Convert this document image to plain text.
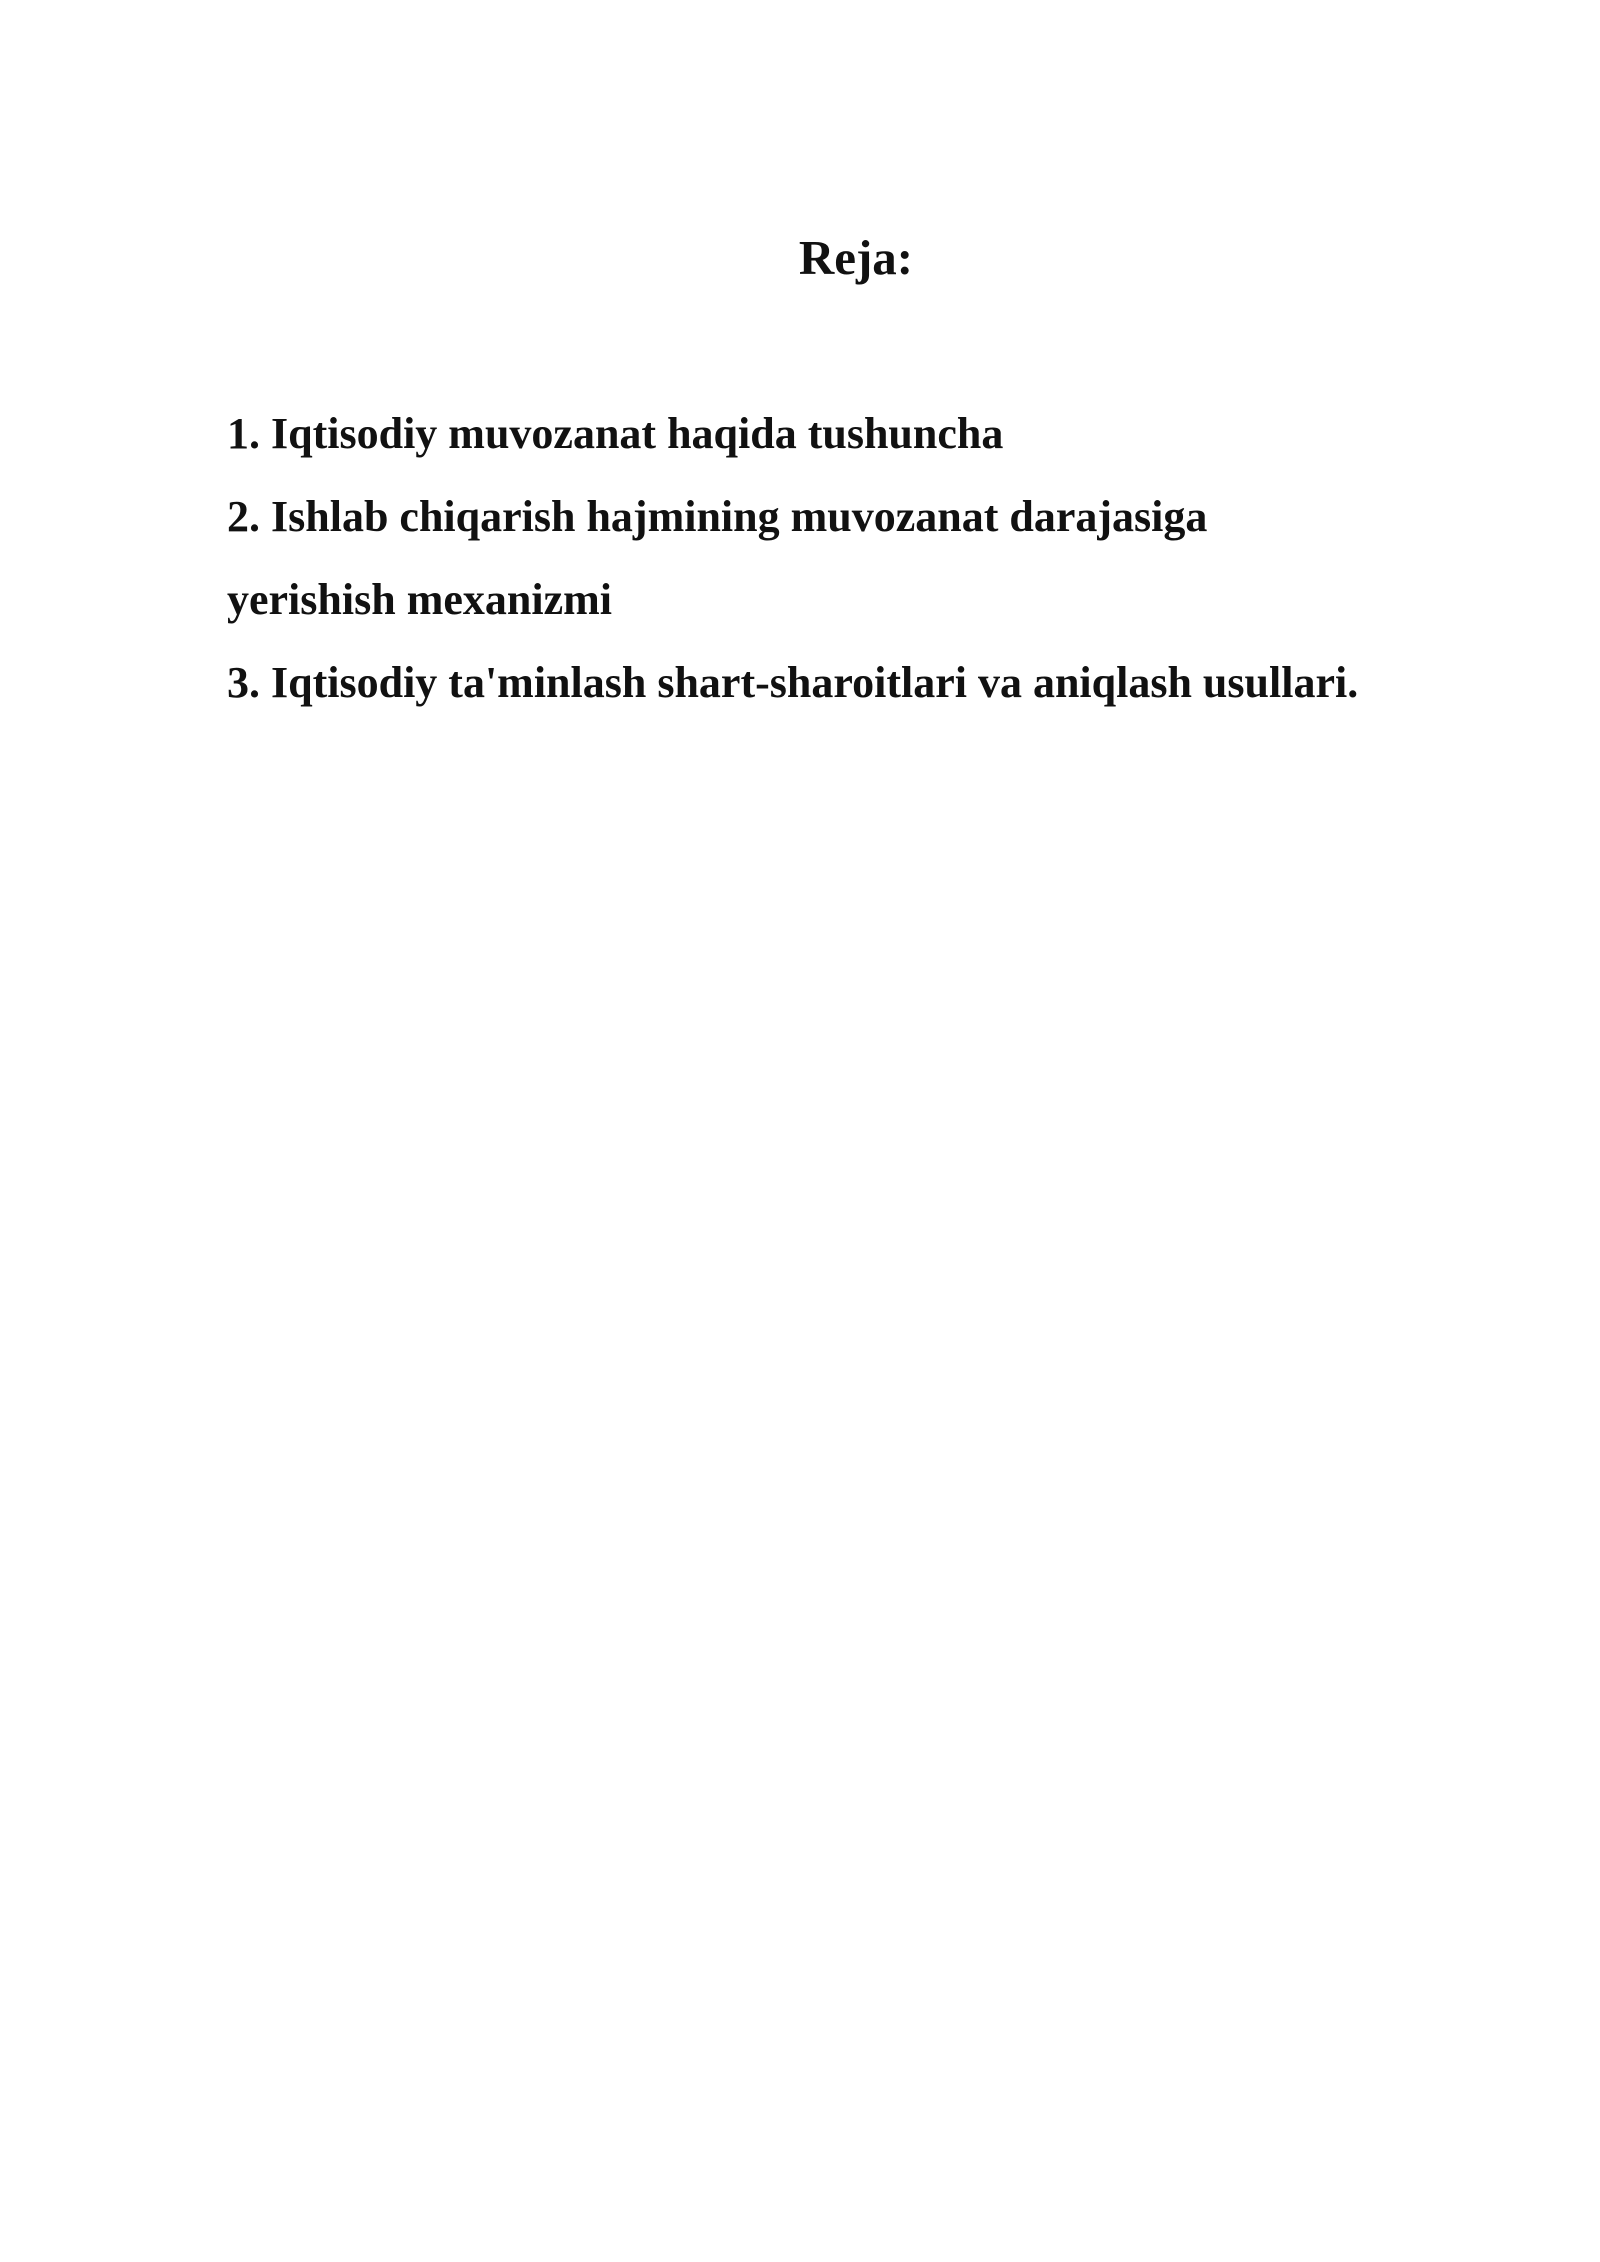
Reja:
1. Iqtisodiy muvozanat haqida tushuncha
2. Ishlab chiqarish hajmining muvozanat darajasiga
yerishish mexanizmi
3. Iqtisodiy ta'minlash shart-sharoitlari va aniqlash usullari.
